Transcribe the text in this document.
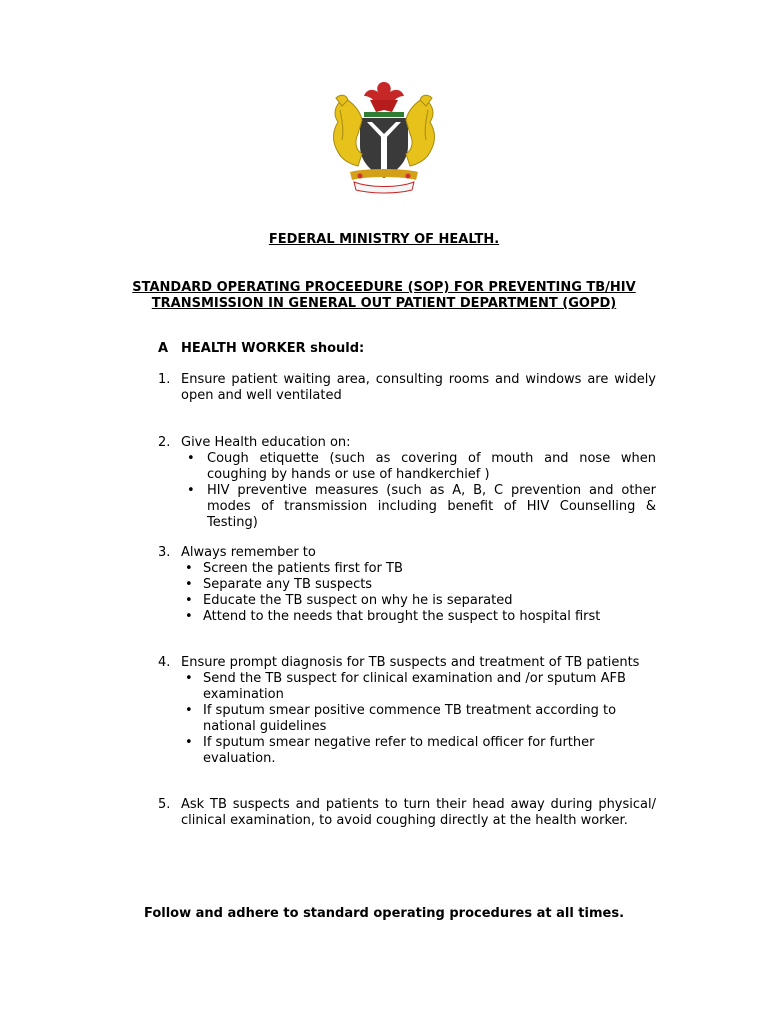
FEDERAL MINISTRY OF HEALTH.
STANDARD OPERATING PROCEEDURE (SOP) FOR PREVENTING TB/HIV
TRANSMISSION IN GENERAL OUT PATIENT DEPARTMENT (GOPD)
A HEALTH WORKER should:
1. Ensure patient waiting area, consulting rooms and windows are widely open and well ventilated
2. Give Health education on:
• Cough etiquette (such as covering of mouth and nose when coughing by hands or use of handkerchief )
• HIV preventive measures (such as A, B, C prevention and other modes of transmission including benefit of HIV Counselling & Testing)
3. Always remember to
• Screen the patients first for TB
• Separate any TB suspects
• Educate the TB suspect on why he is separated
• Attend to the needs that brought the suspect to hospital first
4. Ensure prompt diagnosis for TB suspects and treatment of TB patients
• Send the TB suspect for clinical examination and /or sputum AFB examination
• If sputum smear positive commence TB treatment according to national guidelines
• If sputum smear negative refer to medical officer for further evaluation.
5. Ask TB suspects and patients to turn their head away during physical/ clinical examination, to avoid coughing directly at the health worker.
Follow and adhere to standard operating procedures at all times.
